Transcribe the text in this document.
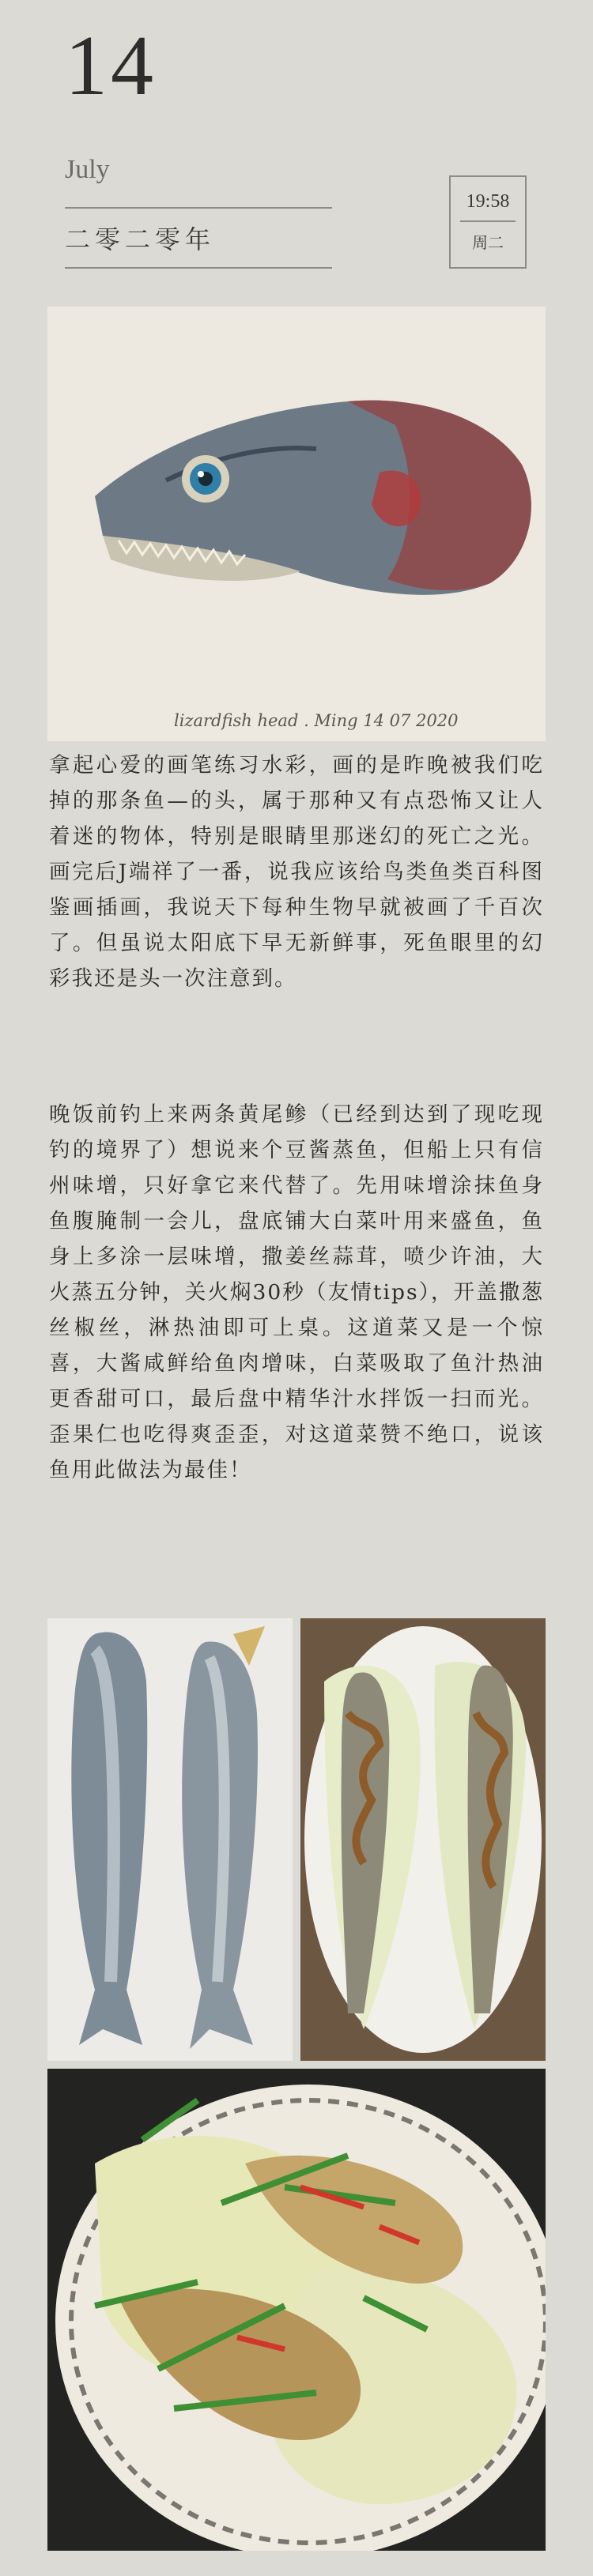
14
July
二零二零年
19:58
周二
lizardfish head . Ming 14 07 2020

拿起心爱的画笔练习水彩，画的是昨晚被我们吃掉的那条鱼—的头，属于那种又有点恐怖又让人着迷的物体，特别是眼睛里那迷幻的死亡之光。画完后J端祥了一番，说我应该给鸟类鱼类百科图鉴画插画，我说天下每种生物早就被画了千百次了。但虽说太阳底下早无新鲜事，死鱼眼里的幻彩我还是头一次注意到。

晚饭前钓上来两条黄尾鲹（已经到达到了现吃现钓的境界了）想说来个豆酱蒸鱼，但船上只有信州味增，只好拿它来代替了。先用味增涂抹鱼身鱼腹腌制一会儿，盘底铺大白菜叶用来盛鱼，鱼身上多涂一层味增，撒姜丝蒜茸，喷少许油，大火蒸五分钟，关火焖30秒（友情tips），开盖撒葱丝椒丝，淋热油即可上桌。这道菜又是一个惊喜，大酱咸鲜给鱼肉增味，白菜吸取了鱼汁热油更香甜可口，最后盘中精华汁水拌饭一扫而光。歪果仁也吃得爽歪歪，对这道菜赞不绝口，说该鱼用此做法为最佳！
